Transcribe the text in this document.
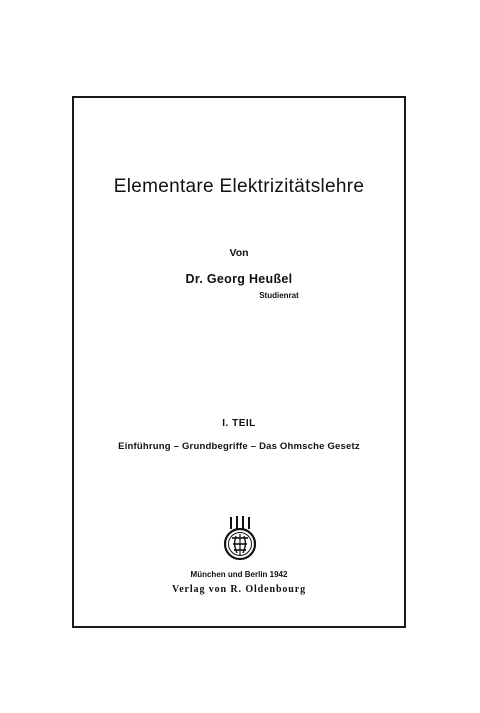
Elementare Elektrizitätslehre
Von
Dr. Georg Heußel
Studienrat
I. TEIL
Einführung – Grundbegriffe – Das Ohmsche Gesetz
München und Berlin 1942
Verlag von R. Oldenbourg
